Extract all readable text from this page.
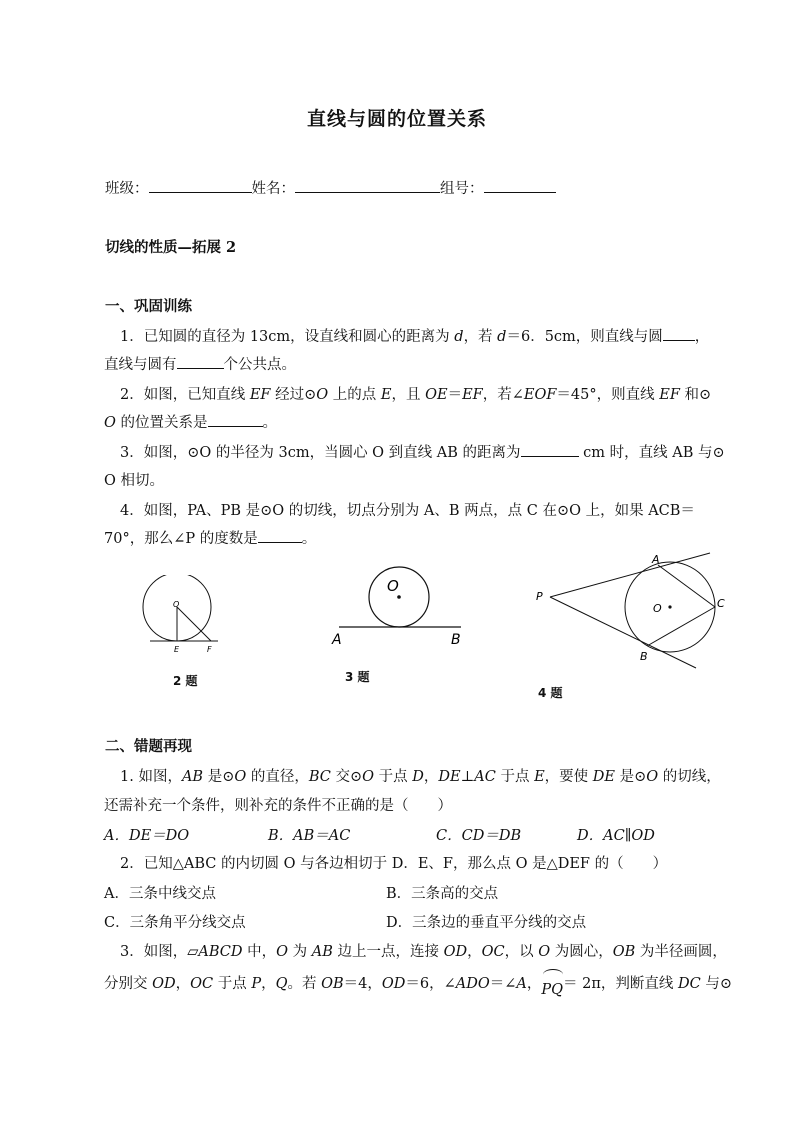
直线与圆的位置关系
班级：	姓名：	组号：
切线的性质—拓展 2
一、巩固训练
1．已知圆的直径为 13cm，设直线和圆心的距离为 d，若 d＝6．5cm，则直线与圆 ，
直线与圆有	个公共点。
2．如图，已知直线 EF 经过⊙O 上的点 E，且 OE＝EF，若∠EOF＝45°，则直线 EF 和⊙
O 的位置关系是	。
3．如图，⊙O 的半径为 3cm，当圆心 O 到直线 AB 的距离为	cm 时，直线 AB 与⊙
O 相切。
4．如图，PA、PB 是⊙O 的切线，切点分别为 A、B 两点，点 C 在⊙O 上，如果 ACB＝
70°，那么∠P 的度数是	。
O
E	F
2 题
O
A	B
3 题
P
A
B
O	C
4 题
二、错题再现
1. 如图，AB 是⊙O 的直径，BC 交⊙O 于点 D，DE⊥AC 于点 E，要使 DE 是⊙O 的切线，
还需补充一个条件，则补充的条件不正确的是（　　）
A．DE＝DO	B．AB＝AC	C．CD＝DB	D．AC∥OD
2．已知△ABC 的内切圆 O 与各边相切于 D．E、F，那么点 O 是△DEF 的（　　）
A．三条中线交点	B．三条高的交点
C．三条角平分线交点	D．三条边的垂直平分线的交点
3．如图，▱ABCD 中，O 为 AB 边上一点，连接 OD，OC，以 O 为圆心，OB 为半径画圆，
分别交 OD，OC 于点 P，Q。若 OB＝4，OD＝6，∠ADO＝∠A，
PQ＝ 2π，判断直线 DC 与⊙
